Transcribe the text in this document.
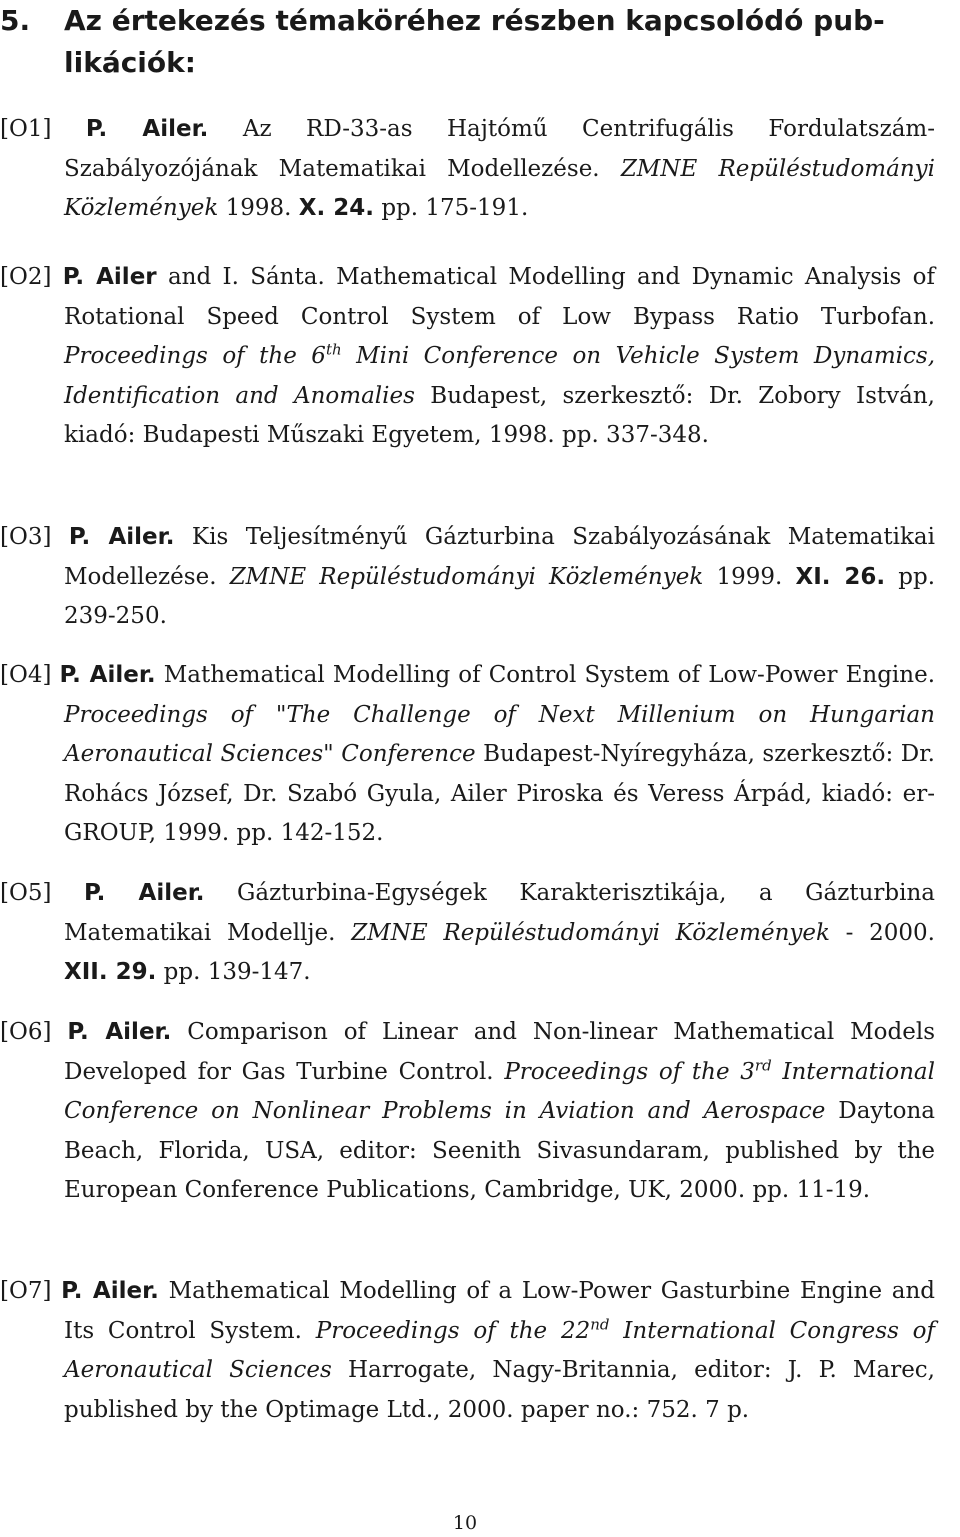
5. Az értekezés témaköréhez részben kapcsolódó pub-
likációk:

[O1] P. Ailer. Az RD-33-as Hajtómű Centrifugális Fordulatszám-Szabályozójának Matematikai Modellezése. ZMNE Repüléstudományi Közlemények 1998. X. 24. pp. 175-191.

[O2] P. Ailer and I. Sánta. Mathematical Modelling and Dynamic Analysis of Rotational Speed Control System of Low Bypass Ratio Turbofan. Proceedings of the 6th Mini Conference on Vehicle System Dynamics, Identification and Anomalies Budapest, szerkesztő: Dr. Zobory István, kiadó: Budapesti Műszaki Egyetem, 1998. pp. 337-348.

[O3] P. Ailer. Kis Teljesítményű Gázturbina Szabályozásának Matematikai Modellezése. ZMNE Repüléstudományi Közlemények 1999. XI. 26. pp. 239-250.

[O4] P. Ailer. Mathematical Modelling of Control System of Low-Power Engine. Proceedings of "The Challenge of Next Millenium on Hungarian Aeronautical Sciences" Conference Budapest-Nyíregyháza, szerkesztő: Dr. Rohács József, Dr. Szabó Gyula, Ailer Piroska és Veress Árpád, kiadó: er-GROUP, 1999. pp. 142-152.

[O5] P. Ailer. Gázturbina-Egységek Karakterisztikája, a Gázturbina Matematikai Modellje. ZMNE Repüléstudományi Közlemények - 2000. XII. 29. pp. 139-147.

[O6] P. Ailer. Comparison of Linear and Non-linear Mathematical Models Developed for Gas Turbine Control. Proceedings of the 3rd International Conference on Nonlinear Problems in Aviation and Aerospace Daytona Beach, Florida, USA, editor: Seenith Sivasundaram, published by the European Conference Publications, Cambridge, UK, 2000. pp. 11-19.

[O7] P. Ailer. Mathematical Modelling of a Low-Power Gasturbine Engine and Its Control System. Proceedings of the 22nd International Congress of Aeronautical Sciences Harrogate, Nagy-Britannia, editor: J. P. Marec, published by the Optimage Ltd., 2000. paper no.: 752. 7 p.

10
